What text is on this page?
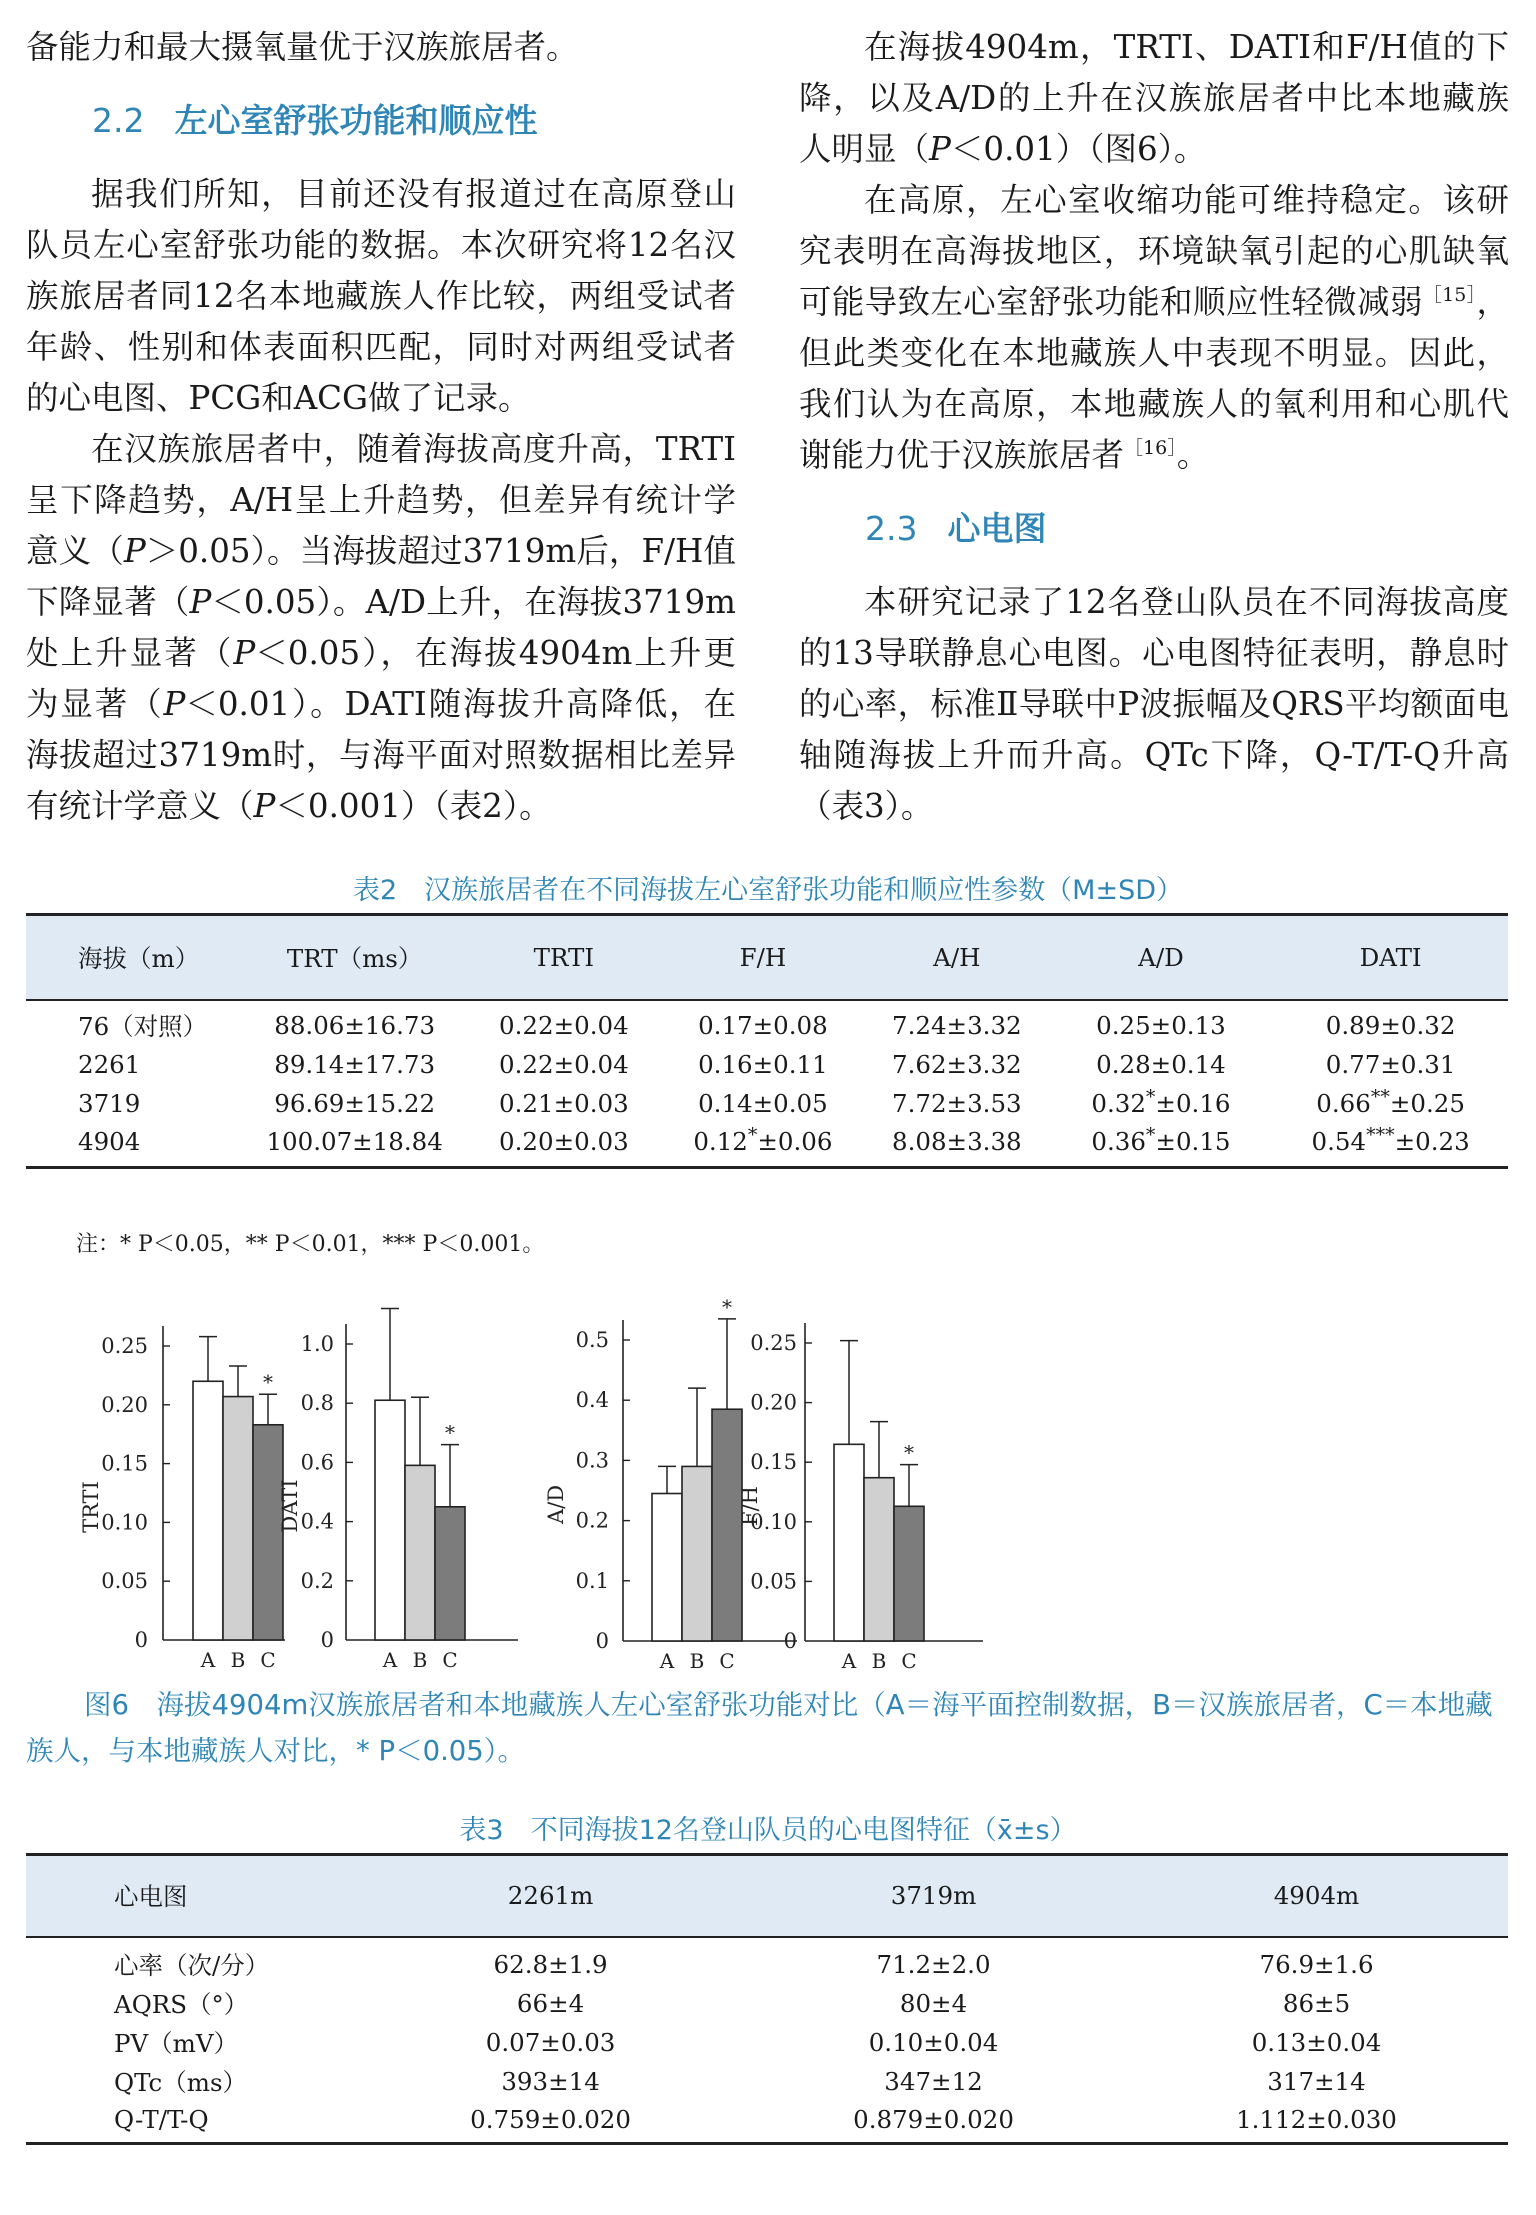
备能力和最大摄氧量优于汉族旅居者。

2.2 左心室舒张功能和顺应性

据我们所知，目前还没有报道过在高原登山队员左心室舒张功能的数据。本次研究将12名汉族旅居者同12名本地藏族人作比较，两组受试者年龄、性别和体表面积匹配，同时对两组受试者的心电图、PCG和ACG做了记录。

在汉族旅居者中，随着海拔高度升高，TRTI呈下降趋势，A/H呈上升趋势，但差异有统计学意义（P＞0.05）。当海拔超过3719m后，F/H值下降显著（P＜0.05）。A/D上升，在海拔3719m处上升显著（P＜0.05），在海拔4904m上升更为显著（P＜0.01）。DATI随海拔升高降低，在海拔超过3719m时，与海平面对照数据相比差异有统计学意义（P＜0.001）（表2）。

在海拔4904m，TRTI、DATI和F/H值的下降，以及A/D的上升在汉族旅居者中比本地藏族人明显（P＜0.01）（图6）。

在高原，左心室收缩功能可维持稳定。该研究表明在高海拔地区，环境缺氧引起的心肌缺氧可能导致左心室舒张功能和顺应性轻微减弱$^{[15]}$，但此类变化在本地藏族人中表现不明显。因此，我们认为在高原，本地藏族人的氧利用和心肌代谢能力优于汉族旅居者$^{[16]}$。

2.3 心电图

本研究记录了12名登山队员在不同海拔高度的13导联静息心电图。心电图特征表明，静息时的心率，标准Ⅱ导联中P波振幅及QRS平均额面电轴随海拔上升而升高。QTc下降，Q-T/T-Q升高（表3）。

表2　汉族旅居者在不同海拔左心室舒张功能和顺应性参数（M±SD）
海拔（m）	TRT（ms）	TRTI	F/H	A/H	A/D	DATI
76（对照）	88.06±16.73	0.22±0.04	0.17±0.08	7.24±3.32	0.25±0.13	0.89±0.32
2261	89.14±17.73	0.22±0.04	0.16±0.11	7.62±3.32	0.28±0.14	0.77±0.31
3719	96.69±15.22	0.21±0.03	0.14±0.05	7.72±3.53	0.32*±0.16	0.66**±0.25
4904	100.07±18.84	0.20±0.03	0.12*±0.06	8.08±3.38	0.36*±0.15	0.54***±0.23
注：* P＜0.05，** P＜0.01，*** P＜0.001。
0
0.05
0.10
0.15
0.20
0.25
TRTI
A B
*
C
0
0.2
0.4
0.6
0.8
1.0
DATI
A B
*
C
0
0.1
0.2
0.3
0.4
0.5
A/D
A B
*
C
0
0.05
0.10
0.15
0.20
0.25
F/H
A B
*
C
图6　海拔4904m汉族旅居者和本地藏族人左心室舒张功能对比（A＝海平面控制数据，B＝汉族旅居者，C＝本地藏族人，与本地藏族人对比，* P＜0.05）。
表3　不同海拔12名登山队员的心电图特征（x̄±s）
心电图	2261m	3719m	4904m
心率（次/分）	62.8±1.9	71.2±2.0	76.9±1.6
AQRS（°）	66±4	80±4	86±5
PV（mV）	0.07±0.03	0.10±0.04	0.13±0.04
QTc（ms）	393±14	347±12	317±14
Q-T/T-Q	0.759±0.020	0.879±0.020	1.112±0.030
